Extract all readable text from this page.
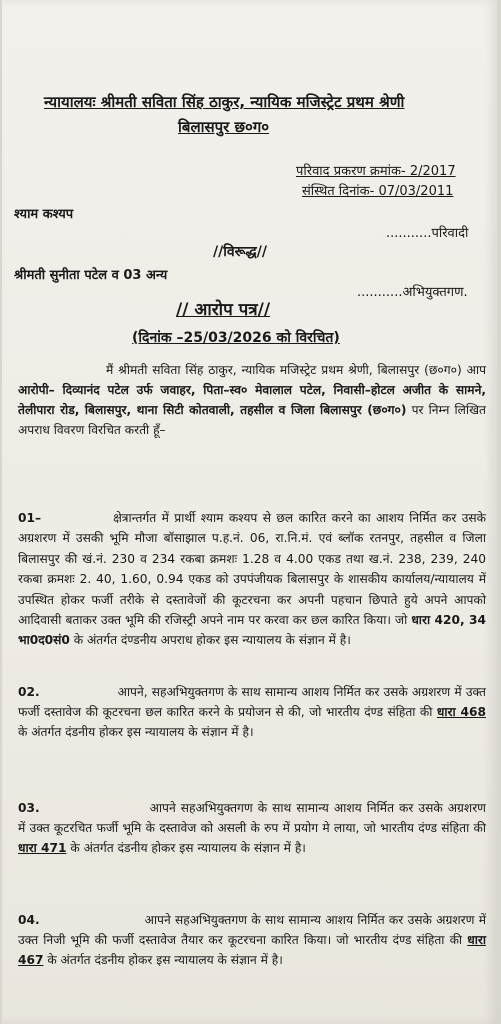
न्यायालयः श्रीमती सविता सिंह ठाकुर, न्यायिक मजिस्ट्रेट प्रथम श्रेणी
बिलासपुर छ०ग०
परिवाद प्रकरण क्रमांक- 2/2017
संस्थित दिनांक- 07/03/2011
श्याम कश्यप
...........परिवादी
//विरूद्ध//
श्रीमती सुनीता पटेल व 03 अन्य
...........अभियुक्तगण.
// आरोप पत्र//
(दिनांक –25/03/2026 को विरचित)
मैं श्रीमती सविता सिंह ठाकुर, न्यायिक मजिस्ट्रेट प्रथम श्रेणी, बिलासपुर (छ०ग०) आप आरोपी– दिव्यानंद पटेल उर्फ जवाहर, पिता–स्व० मेवालाल पटेल, निवासी–होटल अजीत के सामने, तेलीपारा रोड, बिलासपुर, थाना सिटी कोतवाली, तहसील व जिला बिलासपुर (छ०ग०) पर निम्न लिखित अपराध विवरण विरचित करती हूँ–
01–	क्षेत्रान्तर्गत में प्रार्थी श्याम कश्यप से छल कारित करने का आशय निर्मित कर उसके अग्रशरण में उसकी भूमि मौजा बॉसाझाल प.ह.नं. 06, रा.नि.मं. एवं ब्लॉक रतनपुर, तहसील व जिला बिलासपुर की खं.नं. 230 व 234 रकबा क्रमशः 1.28 व 4.00 एकड तथा ख.नं. 238, 239, 240 रकबा क्रमशः 2. 40, 1.60, 0.94 एकड को उपपंजीयक बिलासपुर के शासकीय कार्यालय/न्यायालय में उपस्थित होकर फर्जी तरीके से दस्तावेजों की कूटरचना कर अपनी पहचान छिपाते हुये अपने आपको आदिवासी बताकर उक्त भूमि की रजिस्ट्री अपने नाम पर करवा कर छल कारित किया। जो धारा 420, 34 भा0द0सं0 के अंतर्गत दंण्डनीय अपराध होकर इस न्यायालय के संज्ञान में है।
02.	आपने, सहअभियुक्तगण के साथ सामान्य आशय निर्मित कर उसके अग्रशरण में उक्त फर्जी दस्तावेज की कूटरचना छल कारित करने के प्रयोजन से की, जो भारतीय दंण्ड संहिता की धारा 468 के अंतर्गत दंडनीय होकर इस न्यायालय के संज्ञान में है।
03.	आपने सहअभियुक्तगण के साथ सामान्य आशय निर्मित कर उसके अग्रशरण में उक्त कूटरचित फर्जी भूमि के दस्तावेज को असली के रुप में प्रयोग मे लाया, जो भारतीय दंण्ड संहिता की धारा 471 के अंतर्गत दंडनीय होकर इस न्यायालय के संज्ञान में है।
04.	आपने सहअभियुक्तगण के साथ सामान्य आशय निर्मित कर उसके अग्रशरण में उक्त निजी भूमि की फर्जी दस्तावेज तैयार कर कूटरचना कारित किया। जो भारतीय दंण्ड संहिता की धारा 467 के अंतर्गत दंडनीय होकर इस न्यायालय के संज्ञान में है।
